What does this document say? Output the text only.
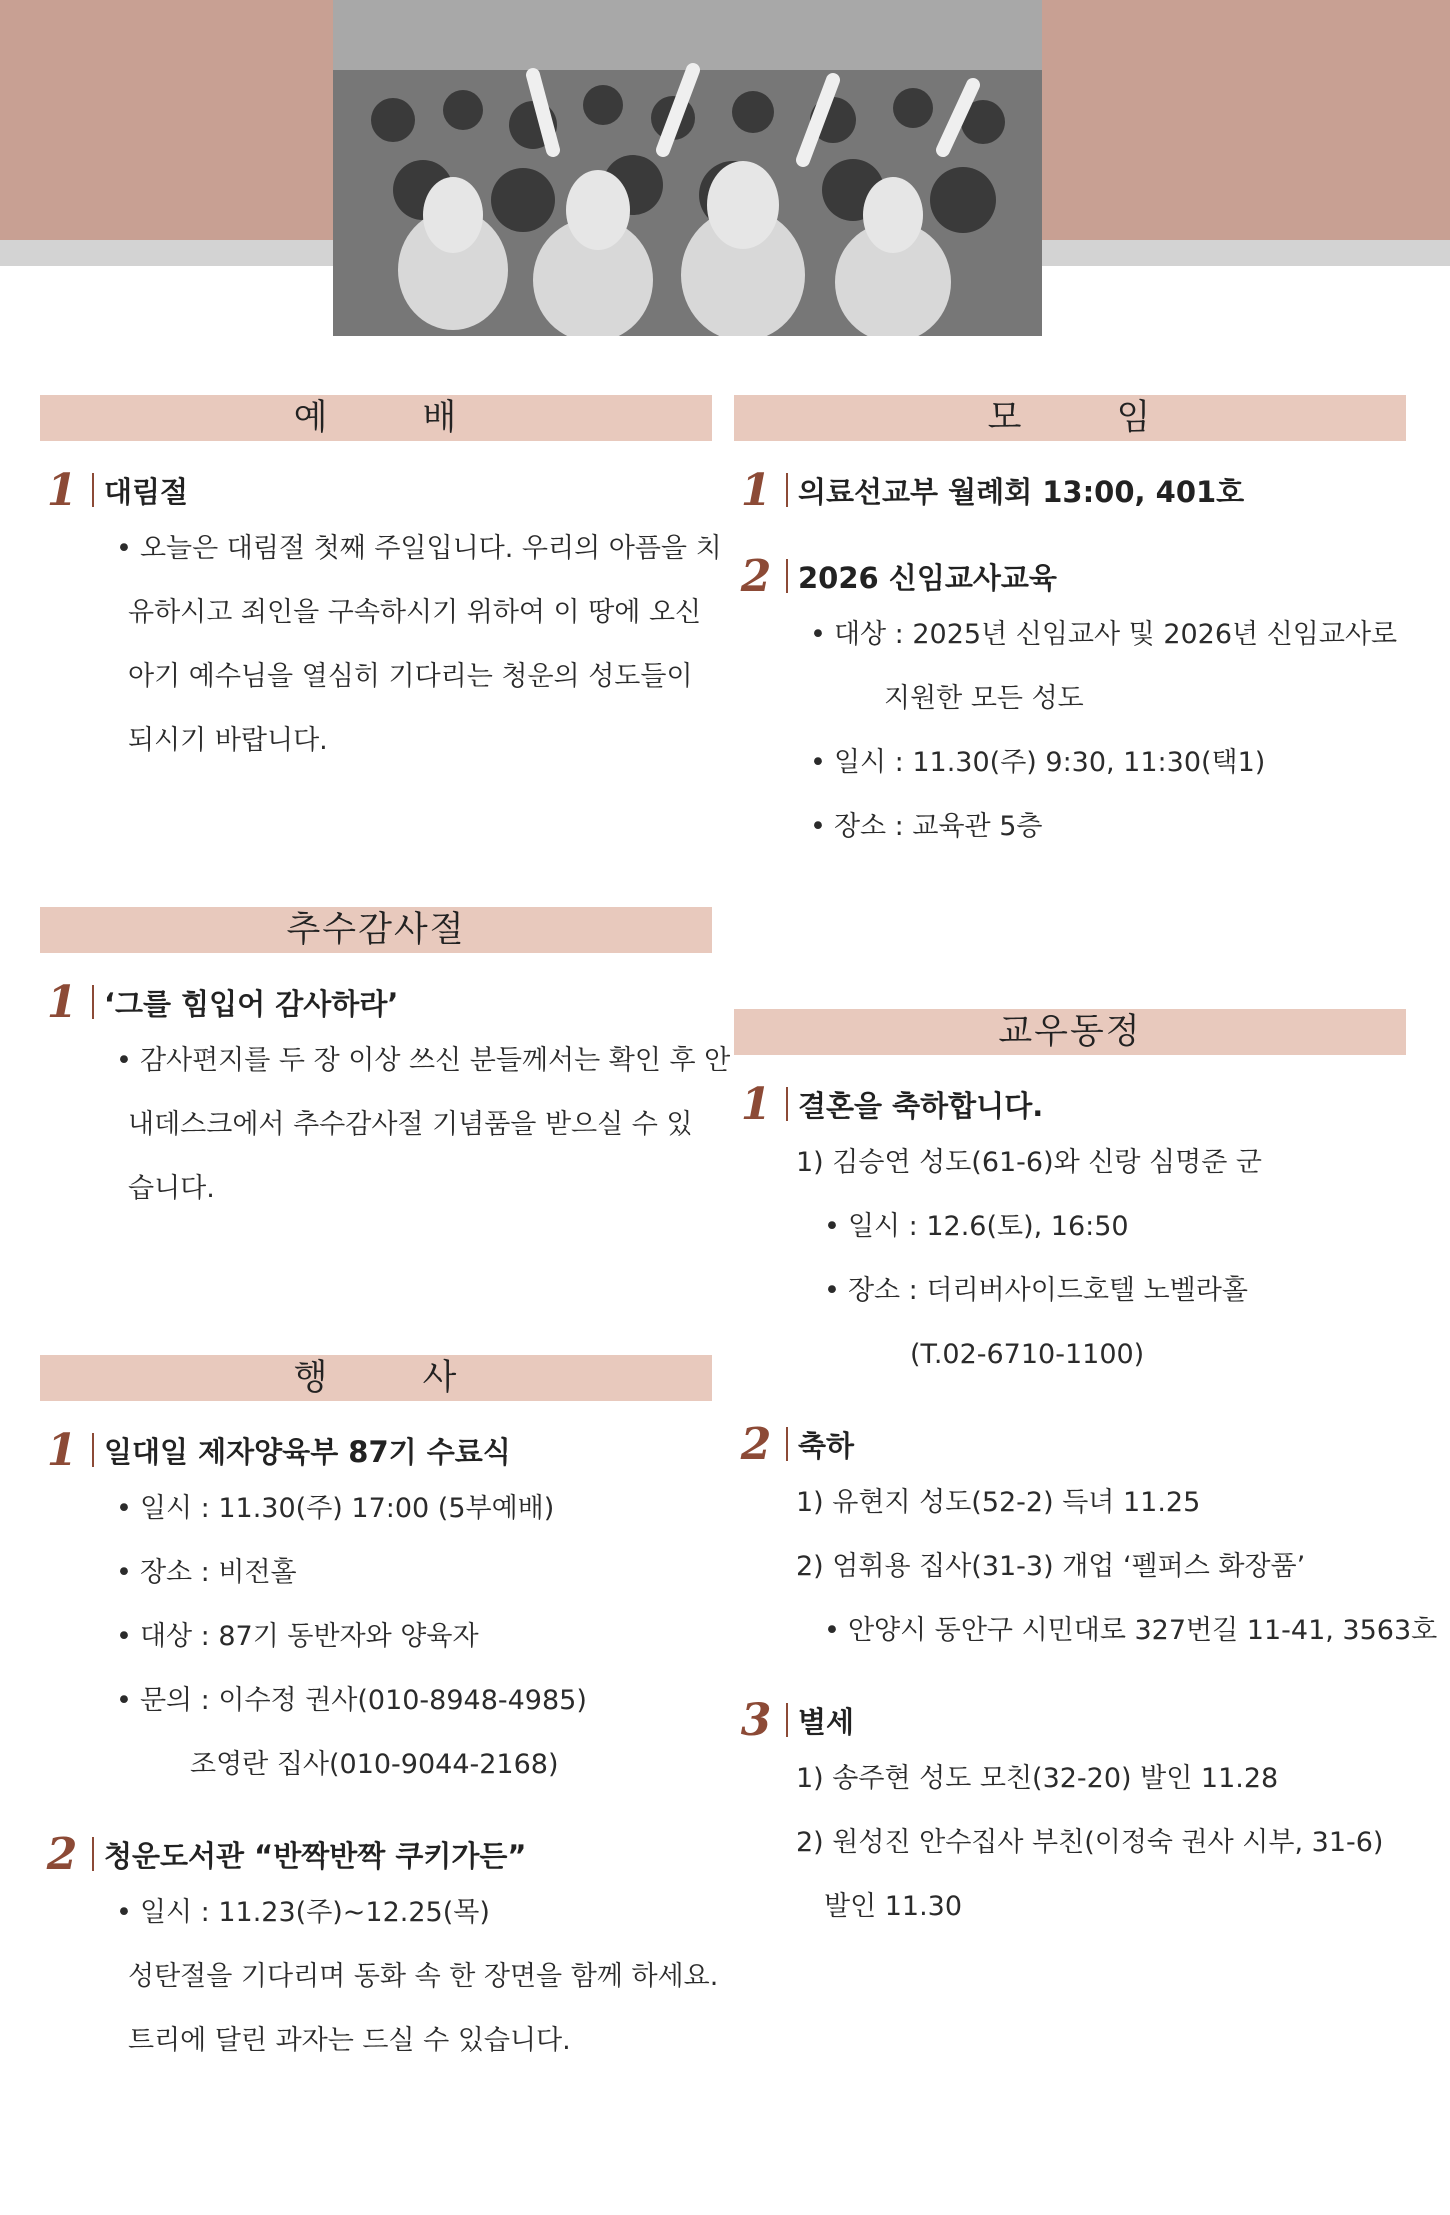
예 배
1 대림절
• 오늘은 대림절 첫째 주일입니다. 우리의 아픔을 치
유하시고 죄인을 구속하시기 위하여 이 땅에 오신
아기 예수님을 열심히 기다리는 청운의 성도들이
되시기 바랍니다.
추수감사절
1 ‘그를 힘입어 감사하라’
• 감사편지를 두 장 이상 쓰신 분들께서는 확인 후 안
내데스크에서 추수감사절 기념품을 받으실 수 있
습니다.
행 사
1 일대일 제자양육부 87기 수료식
• 일시 : 11.30(주) 17:00 (5부예배)
• 장소 : 비전홀
• 대상 : 87기 동반자와 양육자
• 문의 : 이수정 권사(010-8948-4985)
조영란 집사(010-9044-2168)
2 청운도서관 “반짝반짝 쿠키가든”
• 일시 : 11.23(주)~12.25(목)
성탄절을 기다리며 동화 속 한 장면을 함께 하세요.
트리에 달린 과자는 드실 수 있습니다.
모 임
1 의료선교부 월례회 13:00, 401호
2 2026 신임교사교육
• 대상 : 2025년 신임교사 및 2026년 신임교사로
지원한 모든 성도
• 일시 : 11.30(주) 9:30, 11:30(택1)
• 장소 : 교육관 5층
교우동정
1 결혼을 축하합니다.
1) 김승연 성도(61-6)와 신랑 심명준 군
• 일시 : 12.6(토), 16:50
• 장소 : 더리버사이드호텔 노벨라홀
(T.02-6710-1100)
2 축하
1) 유현지 성도(52-2) 득녀 11.25
2) 엄휘용 집사(31-3) 개업 ‘펠퍼스 화장품’
• 안양시 동안구 시민대로 327번길 11-41, 3563호
3 별세
1) 송주현 성도 모친(32-20) 발인 11.28
2) 원성진 안수집사 부친(이정숙 권사 시부, 31-6)
발인 11.30
